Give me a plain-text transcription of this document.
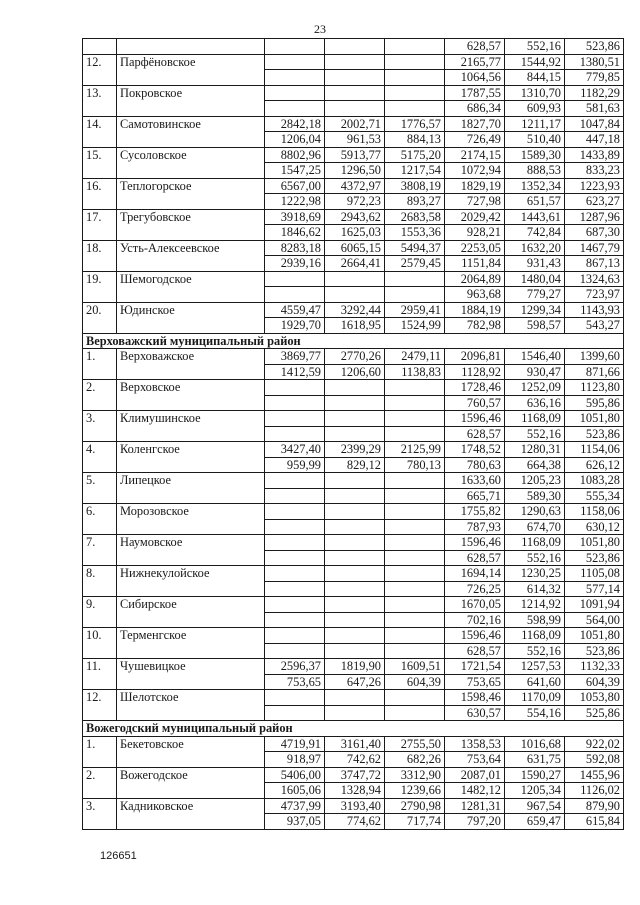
23
					628,57	552,16	523,86
12.	Парфёновское				2165,77	1544,92	1380,51
					1064,56	844,15	779,85
13.	Покровское				1787,55	1310,70	1182,29
					686,34	609,93	581,63
14.	Самотовинское	2842,18	2002,71	1776,57	1827,70	1211,17	1047,84
		1206,04	961,53	884,13	726,49	510,40	447,18
15.	Сусоловское	8802,96	5913,77	5175,20	2174,15	1589,30	1433,89
		1547,25	1296,50	1217,54	1072,94	888,53	833,23
16.	Теплогорское	6567,00	4372,97	3808,19	1829,19	1352,34	1223,93
		1222,98	972,23	893,27	727,98	651,57	623,27
17.	Трегубовское	3918,69	2943,62	2683,58	2029,42	1443,61	1287,96
		1846,62	1625,03	1553,36	928,21	742,84	687,30
18.	Усть-Алексеевское	8283,18	6065,15	5494,37	2253,05	1632,20	1467,79
		2939,16	2664,41	2579,45	1151,84	931,43	867,13
19.	Шемогодское				2064,89	1480,04	1324,63
					963,68	779,27	723,97
20.	Юдинское	4559,47	3292,44	2959,41	1884,19	1299,34	1143,93
		1929,70	1618,95	1524,99	782,98	598,57	543,27
Верховажский муниципальный район							
1.	Верховажское	3869,77	2770,26	2479,11	2096,81	1546,40	1399,60
		1412,59	1206,60	1138,83	1128,92	930,47	871,66
2.	Верховское				1728,46	1252,09	1123,80
					760,57	636,16	595,86
3.	Климушинское				1596,46	1168,09	1051,80
					628,57	552,16	523,86
4.	Коленгское	3427,40	2399,29	2125,99	1748,52	1280,31	1154,06
		959,99	829,12	780,13	780,63	664,38	626,12
5.	Липецкое				1633,60	1205,23	1083,28
					665,71	589,30	555,34
6.	Морозовское				1755,82	1290,63	1158,06
					787,93	674,70	630,12
7.	Наумовское				1596,46	1168,09	1051,80
					628,57	552,16	523,86
8.	Нижнекулойское				1694,14	1230,25	1105,08
					726,25	614,32	577,14
9.	Сибирское				1670,05	1214,92	1091,94
					702,16	598,99	564,00
10.	Терменгское				1596,46	1168,09	1051,80
					628,57	552,16	523,86
11.	Чушевицкое	2596,37	1819,90	1609,51	1721,54	1257,53	1132,33
		753,65	647,26	604,39	753,65	641,60	604,39
12.	Шелотское				1598,46	1170,09	1053,80
					630,57	554,16	525,86
Вожегодский муниципальный район							
1.	Бекетовское	4719,91	3161,40	2755,50	1358,53	1016,68	922,02
		918,97	742,62	682,26	753,64	631,75	592,08
2.	Вожегодское	5406,00	3747,72	3312,90	2087,01	1590,27	1455,96
		1605,06	1328,94	1239,66	1482,12	1205,34	1126,02
3.	Кадниковское	4737,99	3193,40	2790,98	1281,31	967,54	879,90
		937,05	774,62	717,74	797,20	659,47	615,84
126651
